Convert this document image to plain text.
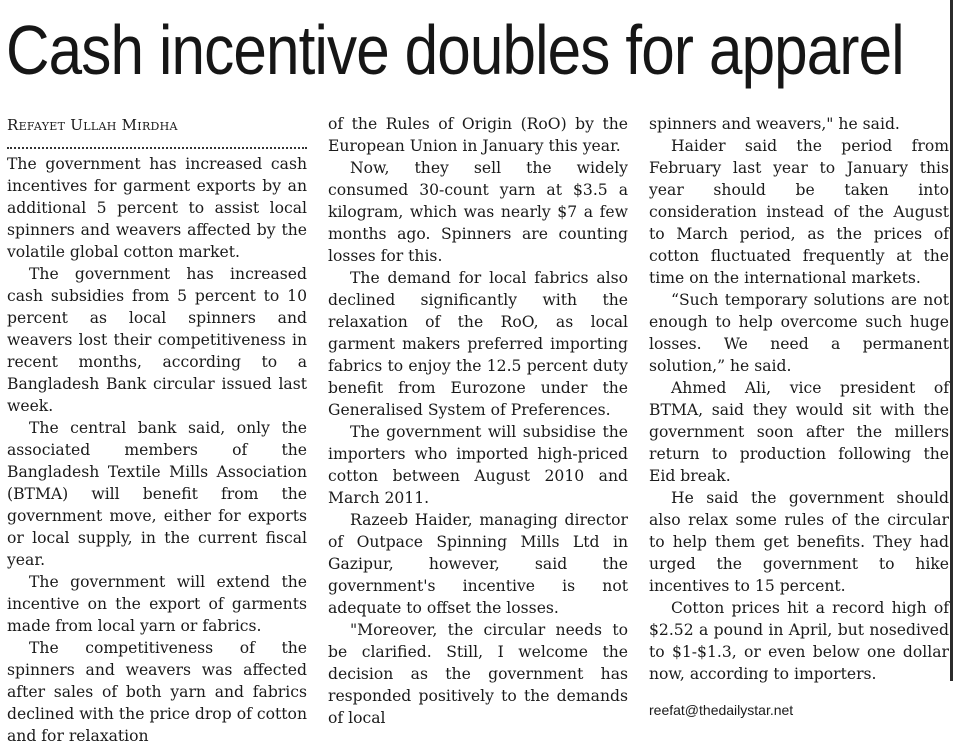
Cash incentive doubles for apparel
Refayet Ullah Mirdha

The government has increased cash incentives for garment exports by an additional 5 percent to assist local spinners and weavers affected by the volatile global cotton market.

The government has increased cash subsidies from 5 percent to 10 percent as local spinners and weavers lost their competitiveness in recent months, according to a Bangladesh Bank circular issued last week.

The central bank said, only the associated members of the Bangladesh Textile Mills Association (BTMA) will benefit from the government move, either for exports or local supply, in the current fiscal year.

The government will extend the incentive on the export of garments made from local yarn or fabrics.

The competitiveness of the spinners and weavers was affected after sales of both yarn and fabrics declined with the price drop of cotton and for relaxation

of the Rules of Origin (RoO) by the European Union in January this year.

Now, they sell the widely consumed 30-count yarn at $3.5 a kilogram, which was nearly $7 a few months ago. Spinners are counting losses for this.

The demand for local fabrics also declined significantly with the relaxation of the RoO, as local garment makers preferred importing fabrics to enjoy the 12.5 percent duty benefit from Eurozone under the Generalised System of Preferences.

The government will subsidise the importers who imported high-priced cotton between August 2010 and March 2011.

Razeeb Haider, managing director of Outpace Spinning Mills Ltd in Gazipur, however, said the government's incentive is not adequate to offset the losses.

"Moreover, the circular needs to be clarified. Still, I welcome the decision as the government has responded positively to the demands of local

spinners and weavers," he said.

Haider said the period from February last year to January this year should be taken into consideration instead of the August to March period, as the prices of cotton fluctuated frequently at the time on the international markets.

“Such temporary solutions are not enough to help overcome such huge losses. We need a permanent solution,” he said.

Ahmed Ali, vice president of BTMA, said they would sit with the government soon after the millers return to production following the Eid break.

He said the government should also relax some rules of the circular to help them get benefits. They had urged the government to hike incentives to 15 percent.

Cotton prices hit a record high of $2.52 a pound in April, but nosedived to $1-$1.3, or even below one dollar now, according to importers.

reefat@thedailystar.net
